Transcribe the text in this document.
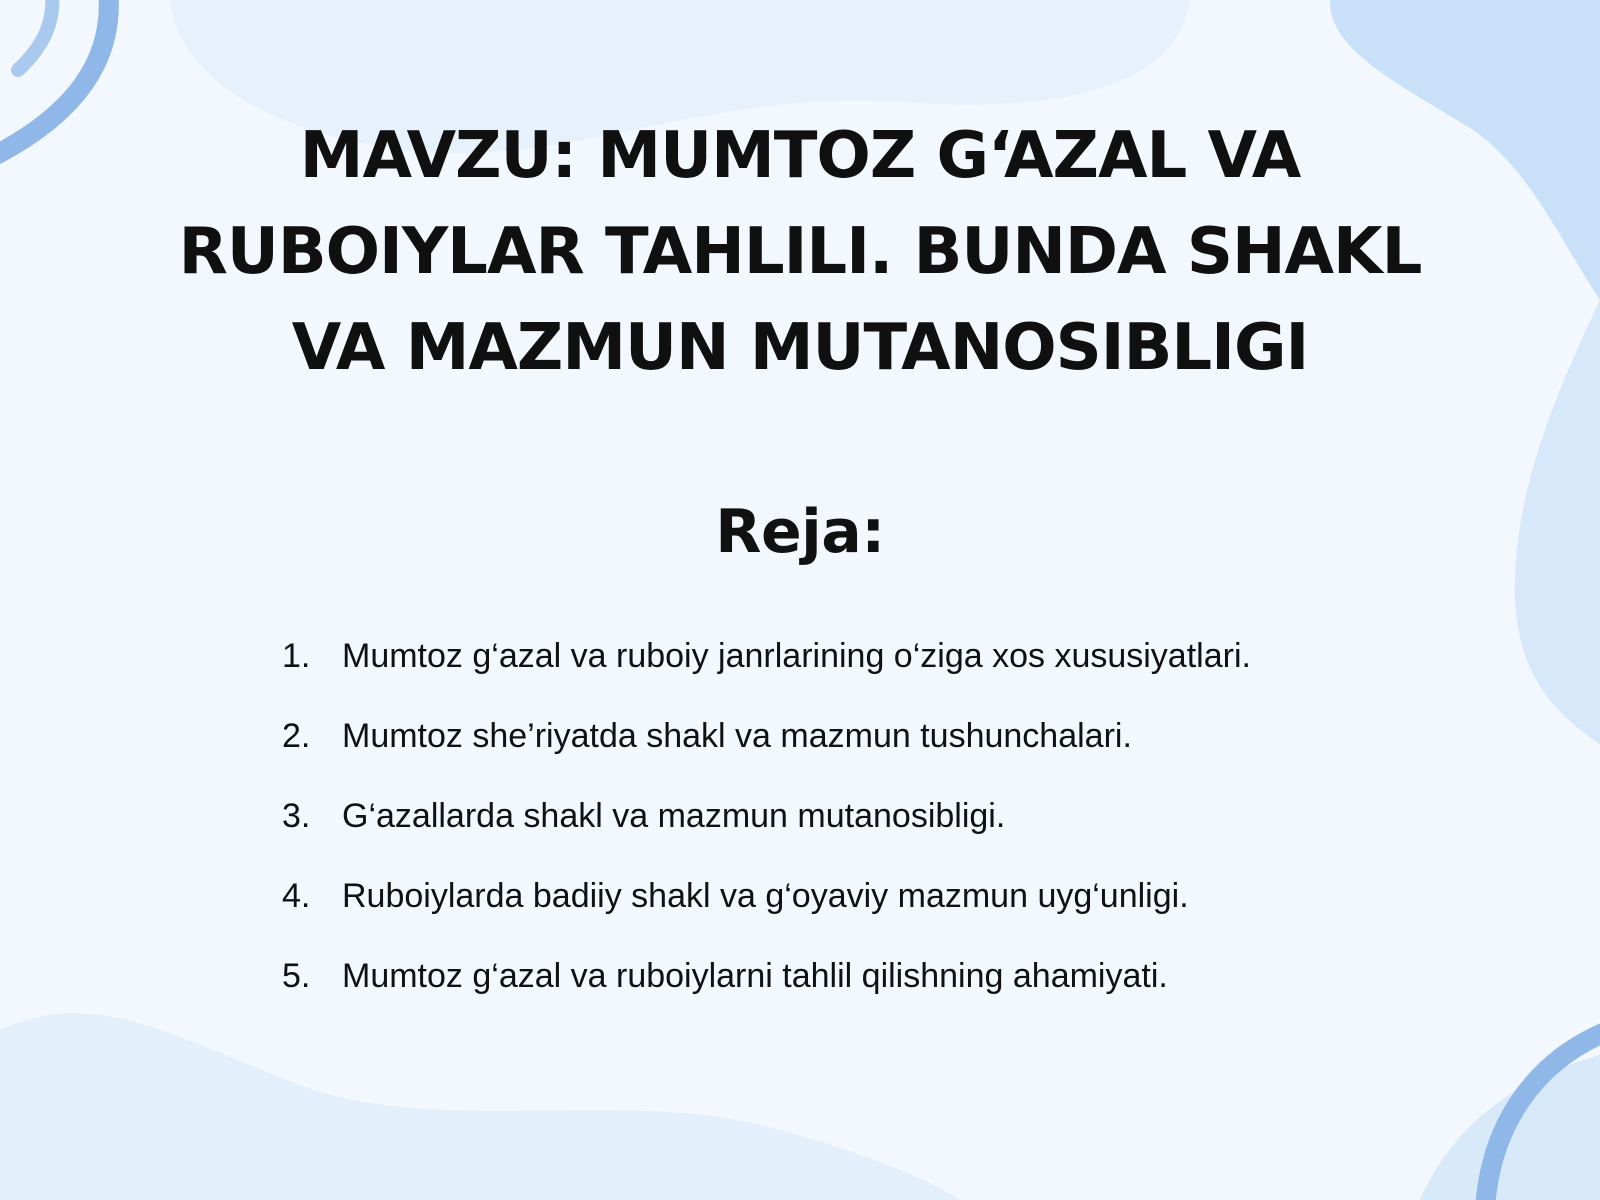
MAVZU: MUMTOZ G‘AZAL VA RUBOIYLAR TAHLILI. BUNDA SHAKL VA MAZMUN MUTANOSIBLIGI
Reja:
1. Mumtoz g‘azal va ruboiy janrlarining o‘ziga xos xususiyatlari.
2. Mumtoz she’riyatda shakl va mazmun tushunchalari.
3. G‘azallarda shakl va mazmun mutanosibligi.
4. Ruboiylarda badiiy shakl va g‘oyaviy mazmun uyg‘unligi.
5. Mumtoz g‘azal va ruboiylarni tahlil qilishning ahamiyati.
